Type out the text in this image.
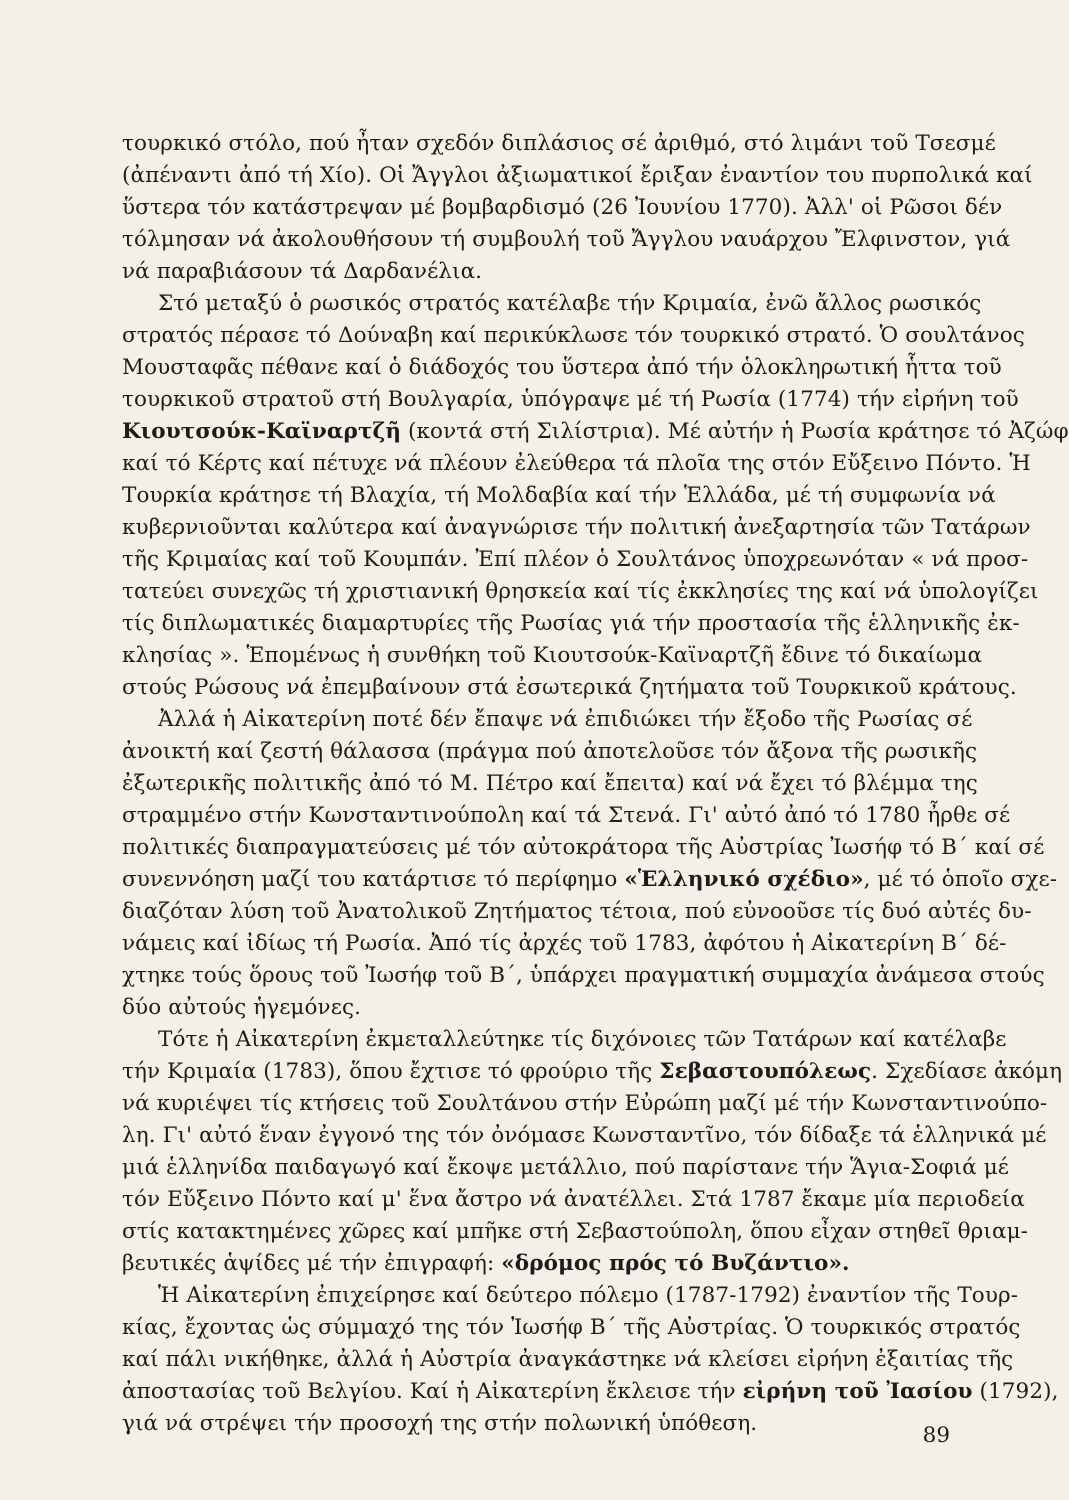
τουρκικό στόλο, πού ἦταν σχεδόν διπλάσιος σέ ἀριθμό, στό λιμάνι τοῦ Τσεσμέ
(ἀπέναντι ἀπό τή Χίο). Οἱ Ἄγγλοι ἀξιωματικοί ἔριξαν ἐναντίον του πυρπολικά καί
ὕστερα τόν κατάστρεψαν μέ βομβαρδισμό (26 Ἰουνίου 1770). Ἀλλ' οἱ Ρῶσοι δέν
τόλμησαν νά ἀκολουθήσουν τή συμβουλή τοῦ Ἄγγλου ναυάρχου Ἔλφινστον, γιά
νά παραβιάσουν τά Δαρδανέλια.
Στό μεταξύ ὁ ρωσικός στρατός κατέλαβε τήν Κριμαία, ἐνῶ ἄλλος ρωσικός
στρατός πέρασε τό Δούναβη καί περικύκλωσε τόν τουρκικό στρατό. Ὁ σουλτάνος
Μουσταφᾶς πέθανε καί ὁ διάδοχός του ὕστερα ἀπό τήν ὁλοκληρωτική ἧττα τοῦ
τουρκικοῦ στρατοῦ στή Βουλγαρία, ὑπόγραψε μέ τή Ρωσία (1774) τήν εἰρήνη τοῦ
Κιουτσούκ-Καϊναρτζῆ (κοντά στή Σιλίστρια). Μέ αὐτήν ἡ Ρωσία κράτησε τό Ἀζώφ
καί τό Κέρτς καί πέτυχε νά πλέουν ἐλεύθερα τά πλοῖα της στόν Εὔξεινο Πόντο. Ἡ
Τουρκία κράτησε τή Βλαχία, τή Μολδαβία καί τήν Ἑλλάδα, μέ τή συμφωνία νά
κυβερνιοῦνται καλύτερα καί ἀναγνώρισε τήν πολιτική ἀνεξαρτησία τῶν Τατάρων
τῆς Κριμαίας καί τοῦ Κουμπάν. Ἐπί πλέον ὁ Σουλτάνος ὑποχρεωνόταν « νά προσ-
τατεύει συνεχῶς τή χριστιανική θρησκεία καί τίς ἐκκλησίες της καί νά ὑπολογίζει
τίς διπλωματικές διαμαρτυρίες τῆς Ρωσίας γιά τήν προστασία τῆς ἑλληνικῆς ἐκ-
κλησίας ». Ἑπομένως ἡ συνθήκη τοῦ Κιουτσούκ-Καϊναρτζῆ ἔδινε τό δικαίωμα
στούς Ρώσους νά ἐπεμβαίνουν στά ἐσωτερικά ζητήματα τοῦ Τουρκικοῦ κράτους.
Ἀλλά ἡ Αἰκατερίνη ποτέ δέν ἔπαψε νά ἐπιδιώκει τήν ἔξοδο τῆς Ρωσίας σέ
ἀνοικτή καί ζεστή θάλασσα (πράγμα πού ἀποτελοῦσε τόν ἄξονα τῆς ρωσικῆς
ἐξωτερικῆς πολιτικῆς ἀπό τό Μ. Πέτρο καί ἔπειτα) καί νά ἔχει τό βλέμμα της
στραμμένο στήν Κωνσταντινούπολη καί τά Στενά. Γι' αὐτό ἀπό τό 1780 ἦρθε σέ
πολιτικές διαπραγματεύσεις μέ τόν αὐτοκράτορα τῆς Αὐστρίας Ἰωσήφ τό Β΄ καί σέ
συνεννόηση μαζί του κατάρτισε τό περίφημο «Ἑλληνικό σχέδιο», μέ τό ὁποῖο σχε-
διαζόταν λύση τοῦ Ἀνατολικοῦ Ζητήματος τέτοια, πού εὐνοοῦσε τίς δυό αὐτές δυ-
νάμεις καί ἰδίως τή Ρωσία. Ἀπό τίς ἀρχές τοῦ 1783, ἀφότου ἡ Αἰκατερίνη Β΄ δέ-
χτηκε τούς ὅρους τοῦ Ἰωσήφ τοῦ Β΄, ὑπάρχει πραγματική συμμαχία ἀνάμεσα στούς
δύο αὐτούς ἡγεμόνες.
Τότε ἡ Αἰκατερίνη ἐκμεταλλεύτηκε τίς διχόνοιες τῶν Τατάρων καί κατέλαβε
τήν Κριμαία (1783), ὅπου ἔχτισε τό φρούριο τῆς Σεβαστουπόλεως. Σχεδίασε ἀκόμη
νά κυριέψει τίς κτήσεις τοῦ Σουλτάνου στήν Εὐρώπη μαζί μέ τήν Κωνσταντινούπο-
λη. Γι' αὐτό ἕναν ἐγγονό της τόν ὀνόμασε Κωνσταντῖνο, τόν δίδαξε τά ἑλληνικά μέ
μιά ἑλληνίδα παιδαγωγό καί ἔκοψε μετάλλιο, πού παρίστανε τήν Ἅγια-Σοφιά μέ
τόν Εὔξεινο Πόντο καί μ' ἕνα ἄστρο νά ἀνατέλλει. Στά 1787 ἔκαμε μία περιοδεία
στίς κατακτημένες χῶρες καί μπῆκε στή Σεβαστούπολη, ὅπου εἶχαν στηθεῖ θριαμ-
βευτικές ἁψίδες μέ τήν ἐπιγραφή: «δρόμος πρός τό Βυζάντιο».
Ἡ Αἰκατερίνη ἐπιχείρησε καί δεύτερο πόλεμο (1787-1792) ἐναντίον τῆς Τουρ-
κίας, ἔχοντας ὡς σύμμαχό της τόν Ἰωσήφ Β΄ τῆς Αὐστρίας. Ὁ τουρκικός στρατός
καί πάλι νικήθηκε, ἀλλά ἡ Αὐστρία ἀναγκάστηκε νά κλείσει εἰρήνη ἐξαιτίας τῆς
ἀποστασίας τοῦ Βελγίου. Καί ἡ Αἰκατερίνη ἔκλεισε τήν εἰρήνη τοῦ Ἰασίου (1792),
γιά νά στρέψει τήν προσοχή της στήν πολωνική ὑπόθεση.	89
